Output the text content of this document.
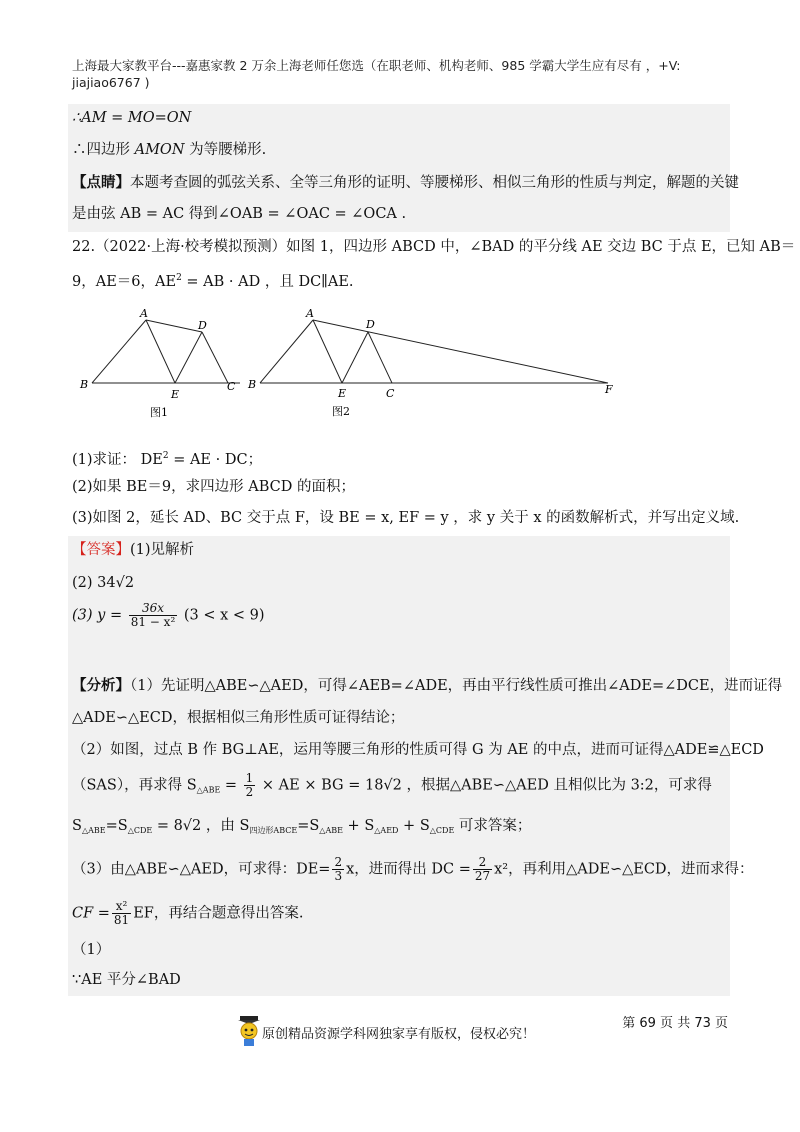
上海最大家教平台---嘉惠家教 2 万余上海老师任您选（在职老师、机构老师、985 学霸大学生应有尽有 ，+V:
jiajiao6767 )
∴AM = MO=ON
∴四边形 AMON 为等腰梯形.
【点睛】本题考查圆的弧弦关系、全等三角形的证明、等腰梯形、相似三角形的性质与判定，解题的关键
是由弦 AB = AC 得到∠OAB = ∠OAC = ∠OCA .
22.（2022·上海·校考模拟预测）如图 1，四边形 ABCD 中，∠BAD 的平分线 AE 交边 BC 于点 E，已知 AB＝
9，AE＝6，$AE^2$ = AB · AD ，且 DC∥AE.
A
D
B
E
C
图1
A
D
B
E	C	F
图2
(1)求证： $DE^2$ = AE · DC；
(2)如果 BE＝9，求四边形 ABCD 的面积；
(3)如图 2，延长 AD、BC 交于点 F，设 BE = x, EF = y ，求 y 关于 x 的函数解析式，并写出定义域.
【答案】(1)见解析
(2) 34√2
(3) $y = \frac{36x}{\text{81 − x²}} (3 < x < 9)$
【分析】（1）先证明△ABE∽△AED，可得∠AEB=∠ADE，再由平行线性质可推出∠ADE=∠DCE，进而证得
△ADE∽△ECD，根据相似三角形性质可证得结论；
（2）如图，过点 B 作 BG⊥AE，运用等腰三角形的性质可得 G 为 AE 的中点，进而可证得△ADE≌△ECD
（SAS），再求得 $S_{\triangle ABE} = \frac{1}{2}$ × AE × BG = 18√2 ，根据△ABE∽△AED 且相似比为 3:2，可求得
$S_{\triangle ABE}=S_{\triangle CDE} = 8√2$ ，由 $S_{四边形ABCE}=S_{\triangle ABE} + S_{\triangle AED} + S_{\triangle CDE}$ 可求答案；
（3）由△ABE∽△AED，可求得：$DE= \frac{2}{3}$ x，进而得出 DC = $\frac{2}{27} x^2$，再利用△ADE∽△ECD，进而求得：
CF = $\frac{\text{x²}}{81}$ EF，再结合题意得出答案.
（1）
∵AE 平分∠BAD
第 69 页 共 73 页
原创精品资源学科网独家享有版权，侵权必究！
